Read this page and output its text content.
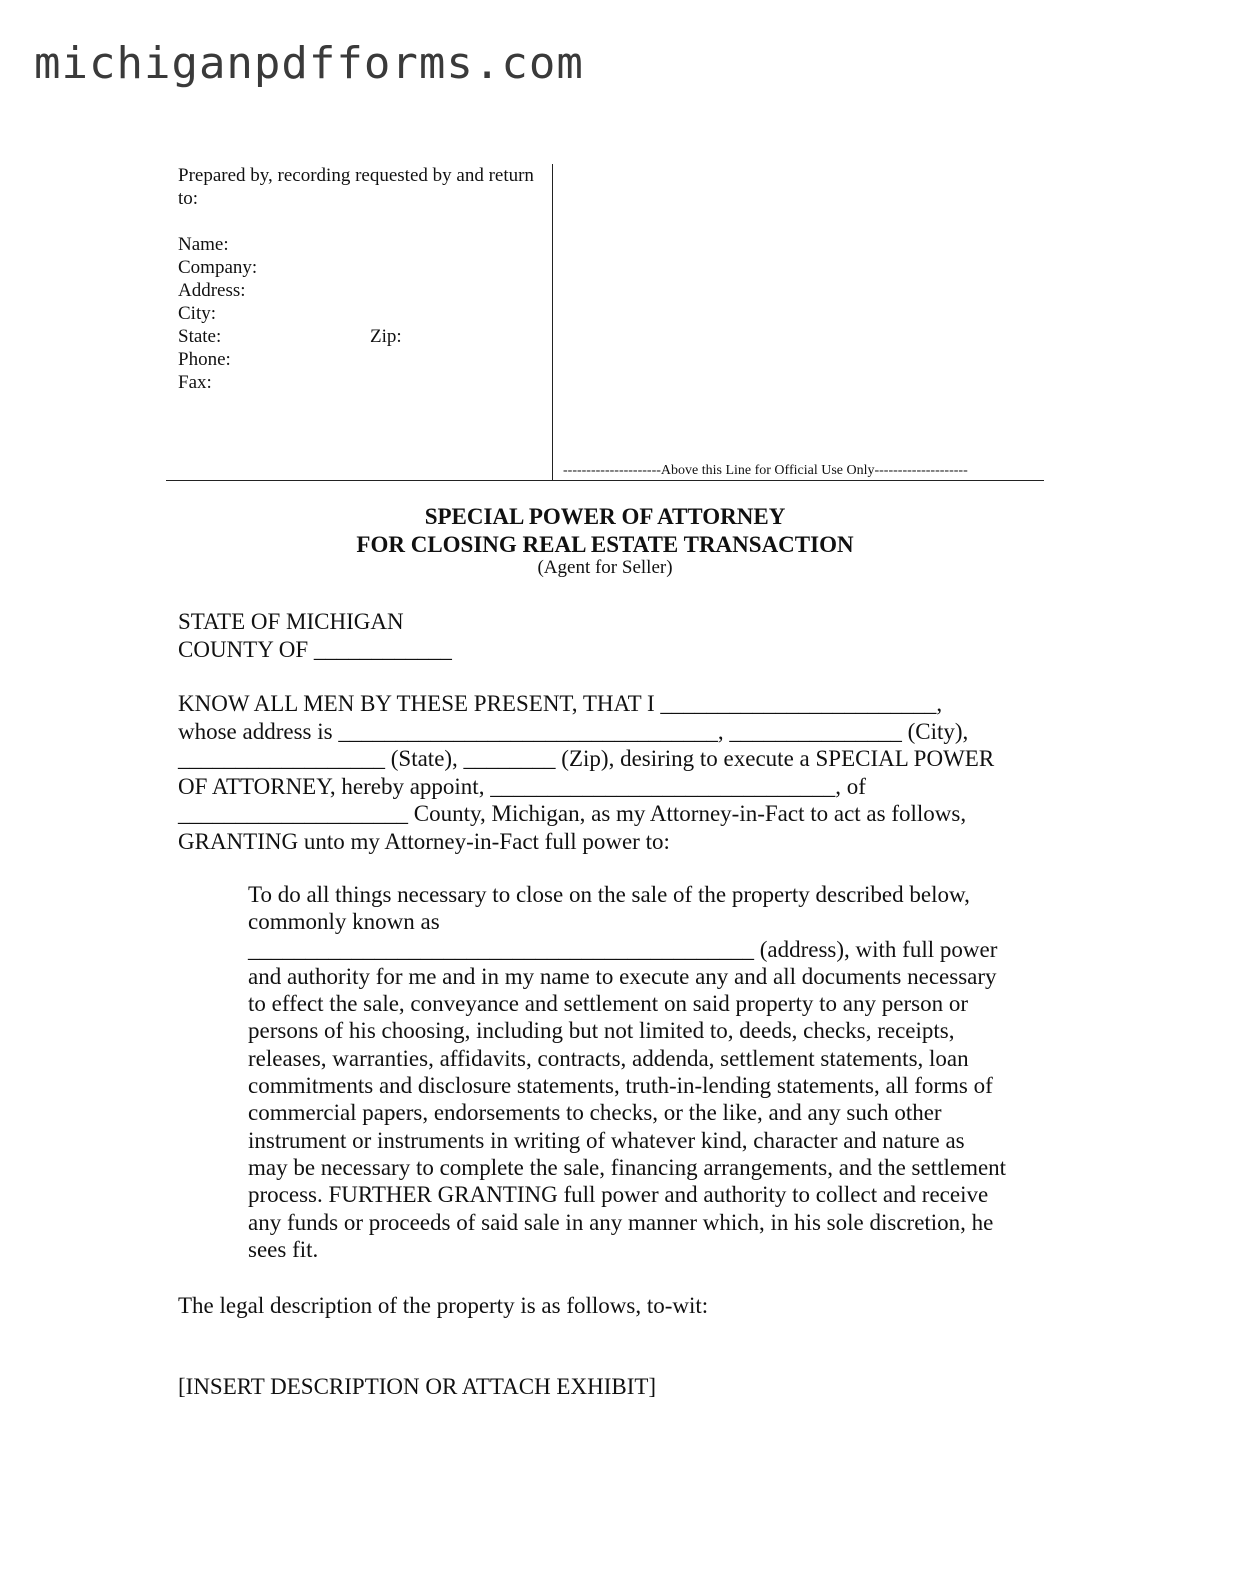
michiganpdfforms.com

Prepared by, recording requested by and return to:

Name:
Company:
Address:
City:
State:	Zip:
Phone:
Fax:
---------------------Above this Line for Official Use Only--------------------
SPECIAL POWER OF ATTORNEY
FOR CLOSING REAL ESTATE TRANSACTION
(Agent for Seller)

STATE OF MICHIGAN

COUNTY OF ____________

KNOW ALL MEN BY THESE PRESENT, THAT I ________________________,

whose address is _________________________________, _______________ (City),

__________________ (State), ________ (Zip), desiring to execute a SPECIAL POWER

OF ATTORNEY, hereby appoint, ______________________________, of

____________________ County, Michigan, as my Attorney-in-Fact to act as follows,

GRANTING unto my Attorney-in-Fact full power to:

To do all things necessary to close on the sale of the property described below,

commonly known as

____________________________________________ (address), with full power

and authority for me and in my name to execute any and all documents necessary

to effect the sale, conveyance and settlement on said property to any person or

persons of his choosing, including but not limited to, deeds, checks, receipts,

releases, warranties, affidavits, contracts, addenda, settlement statements, loan

commitments and disclosure statements, truth-in-lending statements, all forms of

commercial papers, endorsements to checks, or the like, and any such other

instrument or instruments in writing of whatever kind, character and nature as

may be necessary to complete the sale, financing arrangements, and the settlement

process. FURTHER GRANTING full power and authority to collect and receive

any funds or proceeds of said sale in any manner which, in his sole discretion, he

sees fit.

The legal description of the property is as follows, to-wit:
[INSERT DESCRIPTION OR ATTACH EXHIBIT]
